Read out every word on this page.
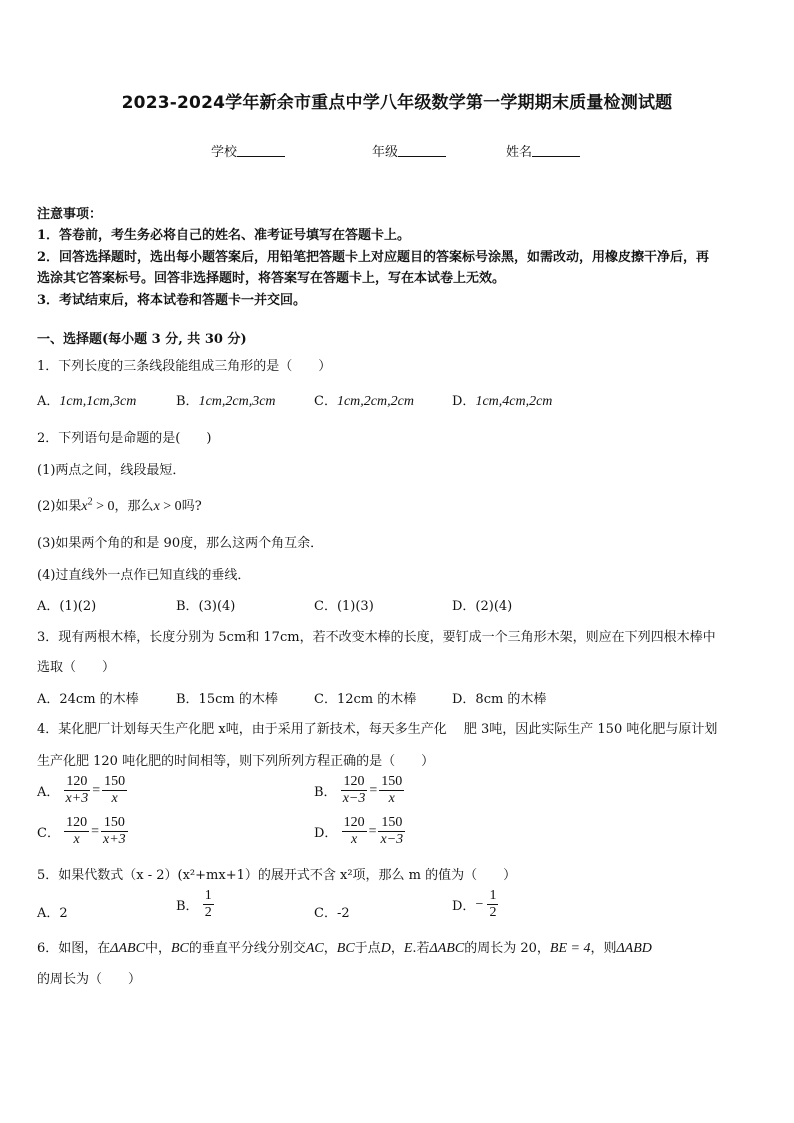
2023-2024学年新余市重点中学八年级数学第一学期期末质量检测试题
学校	年级	姓名
注意事项：
1．答卷前，考生务必将自己的姓名、准考证号填写在答题卡上。
2．回答选择题时，选出每小题答案后，用铅笔把答题卡上对应题目的答案标号涂黑，如需改动，用橡皮擦干净后，再
选涂其它答案标号。回答非选择题时，将答案写在答题卡上，写在本试卷上无效。
3．考试结束后，将本试卷和答题卡一并交回。
一、选择题(每小题 3 分, 共 30 分)
1．下列长度的三条线段能组成三角形的是（　　）
A．1cm,1cm,3cm	B．1cm,2cm,3cm	C．1cm,2cm,2cm	D．1cm,4cm,2cm
2．下列语句是命题的是(　　)
(1)两点之间，线段最短．
(2)如果$x^2 > 0$，那么x > 0吗?
(3)如果两个角的和是 90度，那么这两个角互余．
(4)过直线外一点作已知直线的垂线．
A．(1)(2)	B．(3)(4)	C．(1)(3)	D．(2)(4)
3．现有两根木棒，长度分别为 5cm和 17cm，若不改变木棒的长度，要钉成一个三角形木架，则应在下列四根木棒中
选取（　　）
A．24cm 的木棒	B．15cm 的木棒	C．12cm 的木棒	D．8cm 的木棒
4．某化肥厂计划每天生产化肥 x吨，由于采用了新技术，每天多生产化　 肥 3吨，因此实际生产 150 吨化肥与原计划
生产化肥 120 吨化肥的时间相等，则下列所列方程正确的是（　　）
A． $\frac{120}{x+3} = \frac{150}{x}$	B． $\frac{120}{x-3} = \frac{150}{x}$
C． $\frac{120}{x} = \frac{150}{x+3}$	D． $\frac{120}{x} = \frac{150}{x-3}$
5．如果代数式（x - 2）(x²+mx+1）的展开式不含 x²项，那么 m 的值为（　　）
A．2	B． $\frac{1}{2}$	C．-2	D．− $\frac{1}{2}$
6．如图，在ΔABC中，BC的垂直平分线分别交AC，BC于点D，E.若ΔABC的周长为 20，BE = 4，则ΔABD
的周长为（　　）
